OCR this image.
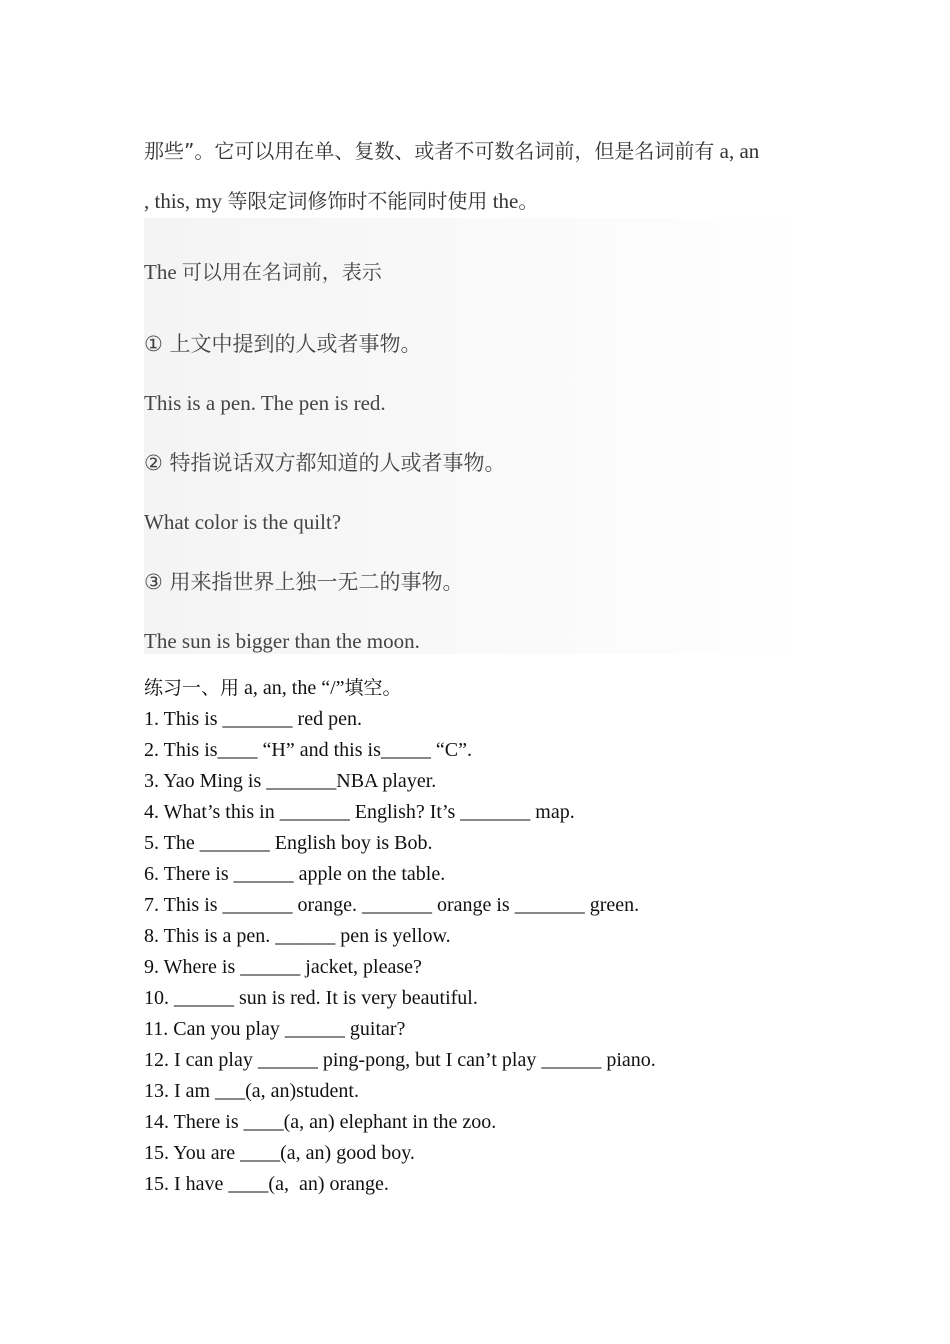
那些”。它可以用在单、复数、或者不可数名词前，但是名词前有 a, an
, this, my 等限定词修饰时不能同时使用 the。
The 可以用在名词前，表示
① 上文中提到的人或者事物。
This is a pen. The pen is red.
② 特指说话双方都知道的人或者事物。
What color is the quilt?
③ 用来指世界上独一无二的事物。
The sun is bigger than the moon.
练习一、用 a, an, the “/”填空。
1. This is _______ red pen.
2. This is____ “H” and this is_____ “C”.
3. Yao Ming is _______NBA player.
4. What’s this in _______ English? It’s _______ map.
5. The _______ English boy is Bob.
6. There is ______ apple on the table.
7. This is _______ orange. _______ orange is _______ green.
8. This is a pen. ______ pen is yellow.
9. Where is ______ jacket, please?
10. ______ sun is red. It is very beautiful.
11. Can you play ______ guitar?
12. I can play ______ ping-pong, but I can’t play ______ piano.
13. I am ___(a, an)student.
14. There is ____(a, an) elephant in the zoo.
15. You are ____(a, an) good boy.
15. I have ____(a,  an) orange.
